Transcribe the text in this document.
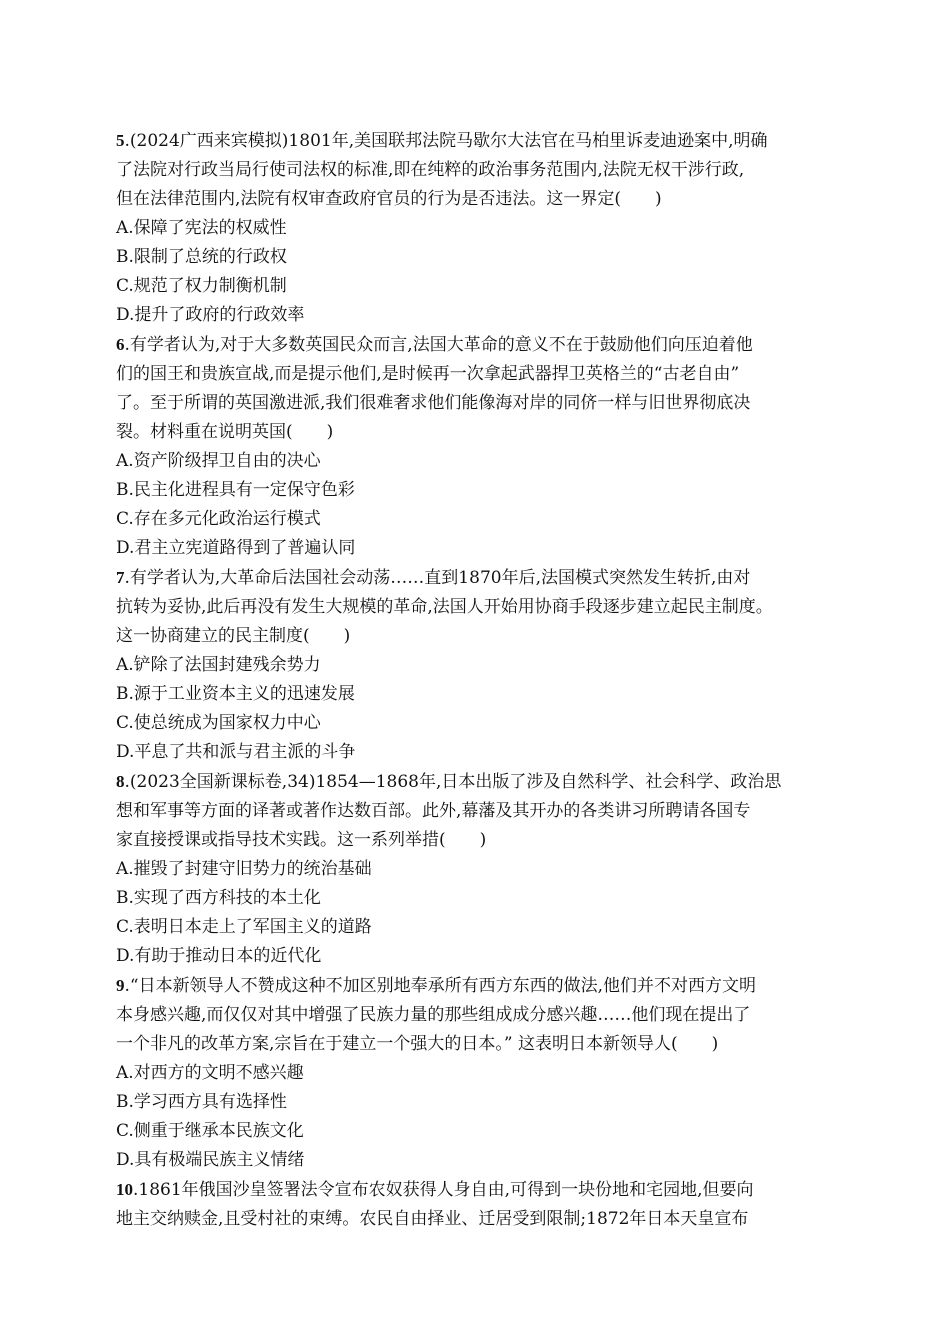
5.(2024广西来宾模拟)1801年,美国联邦法院马歇尔大法官在马柏里诉麦迪逊案中,明确
了法院对行政当局行使司法权的标准,即在纯粹的政治事务范围内,法院无权干涉行政,
但在法律范围内,法院有权审查政府官员的行为是否违法。这一界定(　　)

A.保障了宪法的权威性

B.限制了总统的行政权

C.规范了权力制衡机制

D.提升了政府的行政效率

6.有学者认为,对于大多数英国民众而言,法国大革命的意义不在于鼓励他们向压迫着他
们的国王和贵族宣战,而是提示他们,是时候再一次拿起武器捍卫英格兰的“古老自由”
了。至于所谓的英国激进派,我们很难奢求他们能像海对岸的同侪一样与旧世界彻底决
裂。材料重在说明英国(　　)

A.资产阶级捍卫自由的决心

B.民主化进程具有一定保守色彩

C.存在多元化政治运行模式

D.君主立宪道路得到了普遍认同

7.有学者认为,大革命后法国社会动荡……直到1870年后,法国模式突然发生转折,由对
抗转为妥协,此后再没有发生大规模的革命,法国人开始用协商手段逐步建立起民主制度。
这一协商建立的民主制度(　　)

A.铲除了法国封建残余势力

B.源于工业资本主义的迅速发展

C.使总统成为国家权力中心

D.平息了共和派与君主派的斗争

8.(2023全国新课标卷,34)1854—1868年,日本出版了涉及自然科学、社会科学、政治思
想和军事等方面的译著或著作达数百部。此外,幕藩及其开办的各类讲习所聘请各国专
家直接授课或指导技术实践。这一系列举措(　　)

A.摧毁了封建守旧势力的统治基础

B.实现了西方科技的本土化

C.表明日本走上了军国主义的道路

D.有助于推动日本的近代化

9.“日本新领导人不赞成这种不加区别地奉承所有西方东西的做法,他们并不对西方文明
本身感兴趣,而仅仅对其中增强了民族力量的那些组成成分感兴趣……他们现在提出了
一个非凡的改革方案,宗旨在于建立一个强大的日本。” 这表明日本新领导人(　　)

A.对西方的文明不感兴趣

B.学习西方具有选择性

C.侧重于继承本民族文化

D.具有极端民族主义情绪

10.1861年俄国沙皇签署法令宣布农奴获得人身自由,可得到一块份地和宅园地,但要向
地主交纳赎金,且受村社的束缚。农民自由择业、迁居受到限制;1872年日本天皇宣布
